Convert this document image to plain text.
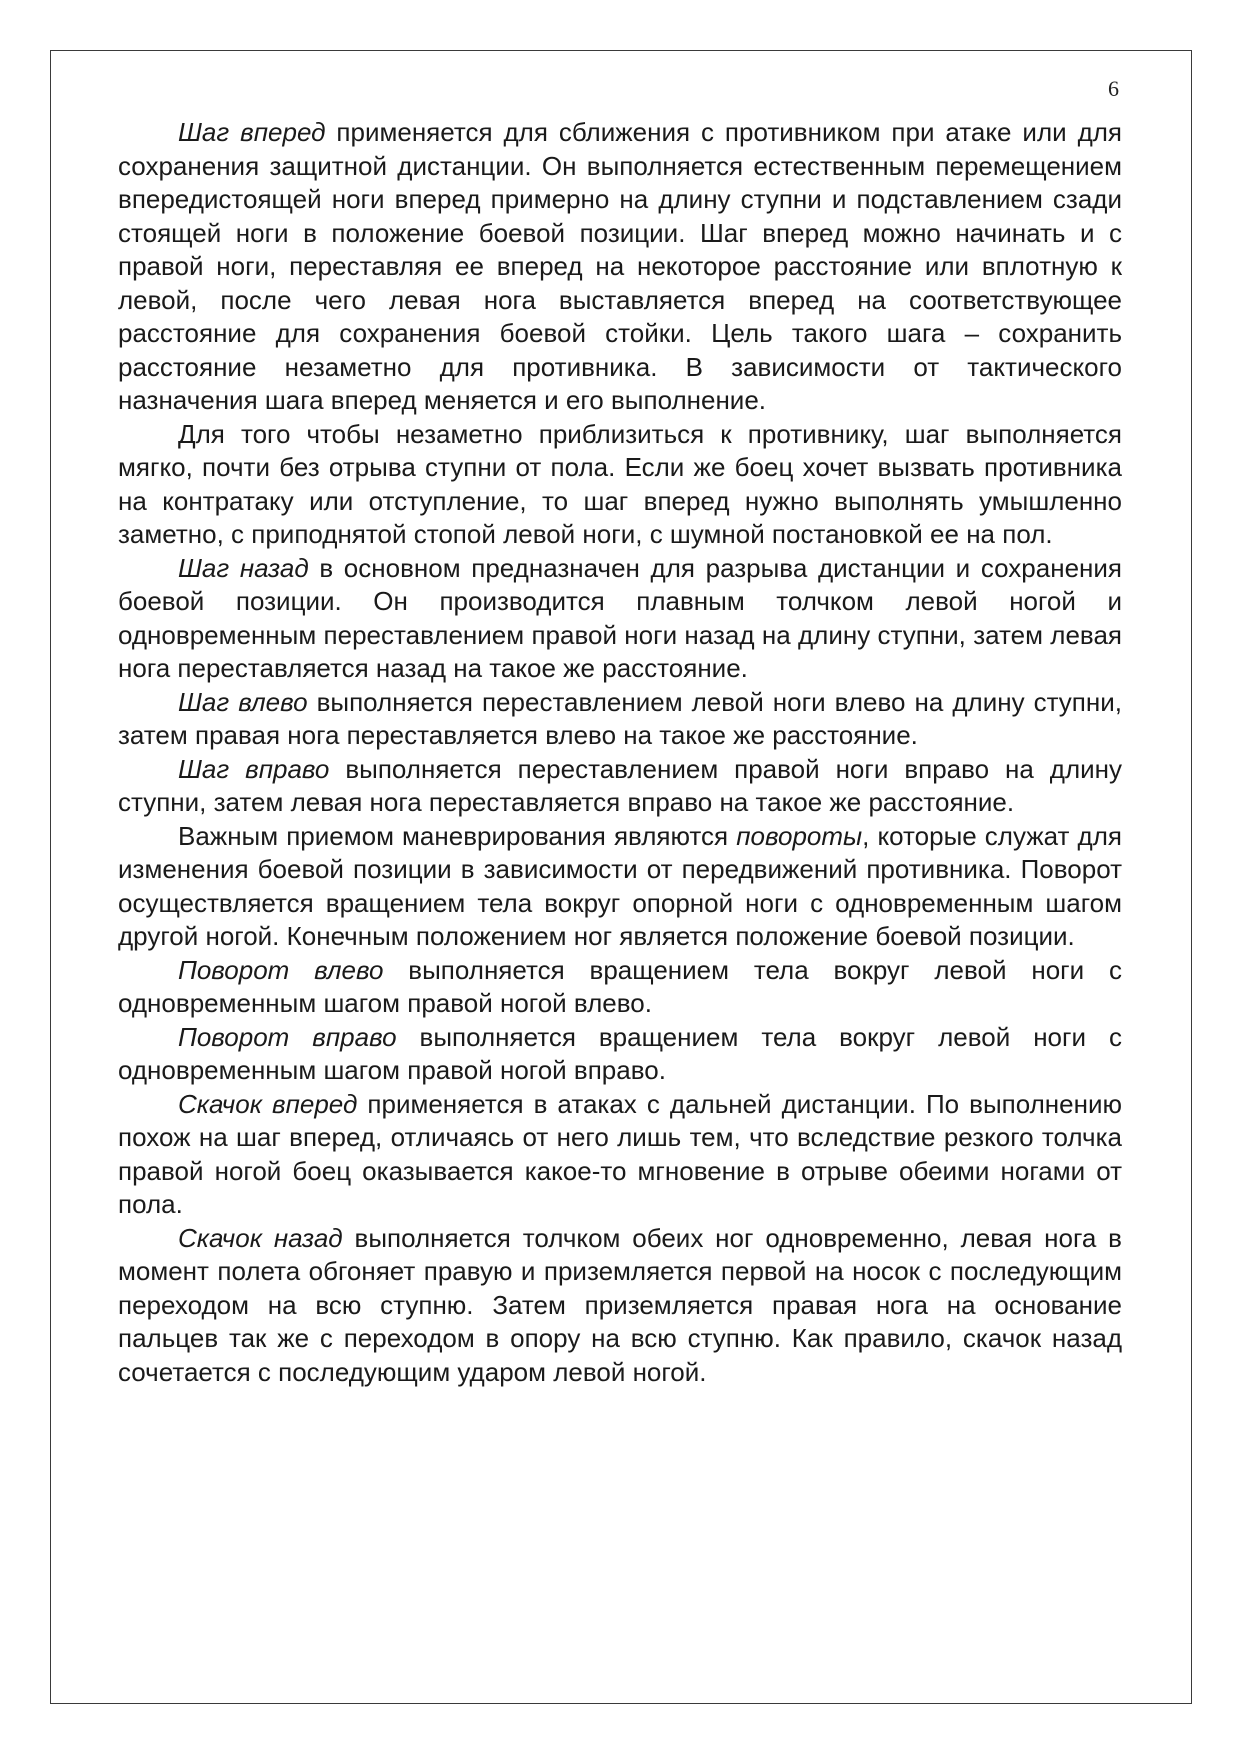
6

Шаг вперед применяется для сближения с противником при атаке или для сохранения защитной дистанции. Он выполняется естественным перемещением впередистоящей ноги вперед примерно на длину ступни и подставлением сзади стоящей ноги в положение боевой позиции. Шаг вперед можно начинать и с правой ноги, переставляя ее вперед на некоторое расстояние или вплотную к левой, после чего левая нога выставляется вперед на соответствующее расстояние для сохранения боевой стойки. Цель такого шага – сохранить расстояние незаметно для противника. В зависимости от тактического назначения шага вперед меняется и его выполнение.

Для того чтобы незаметно приблизиться к противнику, шаг выполняется мягко, почти без отрыва ступни от пола. Если же боец хочет вызвать противника на контратаку или отступление, то шаг вперед нужно выполнять умышленно заметно, с приподнятой стопой левой ноги, с шумной постановкой ее на пол.

Шаг назад в основном предназначен для разрыва дистанции и сохранения боевой позиции. Он производится плавным толчком левой ногой и одновременным переставлением правой ноги назад на длину ступни, затем левая нога переставляется назад на такое же расстояние.

Шаг влево выполняется переставлением левой ноги влево на длину ступни, затем правая нога переставляется влево на такое же расстояние.

Шаг вправо выполняется переставлением правой ноги вправо на длину ступни, затем левая нога переставляется вправо на такое же расстояние.

Важным приемом маневрирования являются повороты, которые служат для изменения боевой позиции в зависимости от передвижений противника. Поворот осуществляется вращением тела вокруг опорной ноги с одновременным шагом другой ногой. Конечным положением ног является положение боевой позиции.

Поворот влево выполняется вращением тела вокруг левой ноги с одновременным шагом правой ногой влево.

Поворот вправо выполняется вращением тела вокруг левой ноги с одновременным шагом правой ногой вправо.

Скачок вперед применяется в атаках с дальней дистанции. По выполнению похож на шаг вперед, отличаясь от него лишь тем, что вследствие резкого толчка правой ногой боец оказывается какое-то мгновение в отрыве обеими ногами от пола.

Скачок назад выполняется толчком обеих ног одновременно, левая нога в момент полета обгоняет правую и приземляется первой на носок с последующим переходом на всю ступню. Затем приземляется правая нога на основание пальцев так же с переходом в опору на всю ступню. Как правило, скачок назад сочетается с последующим ударом левой ногой.
